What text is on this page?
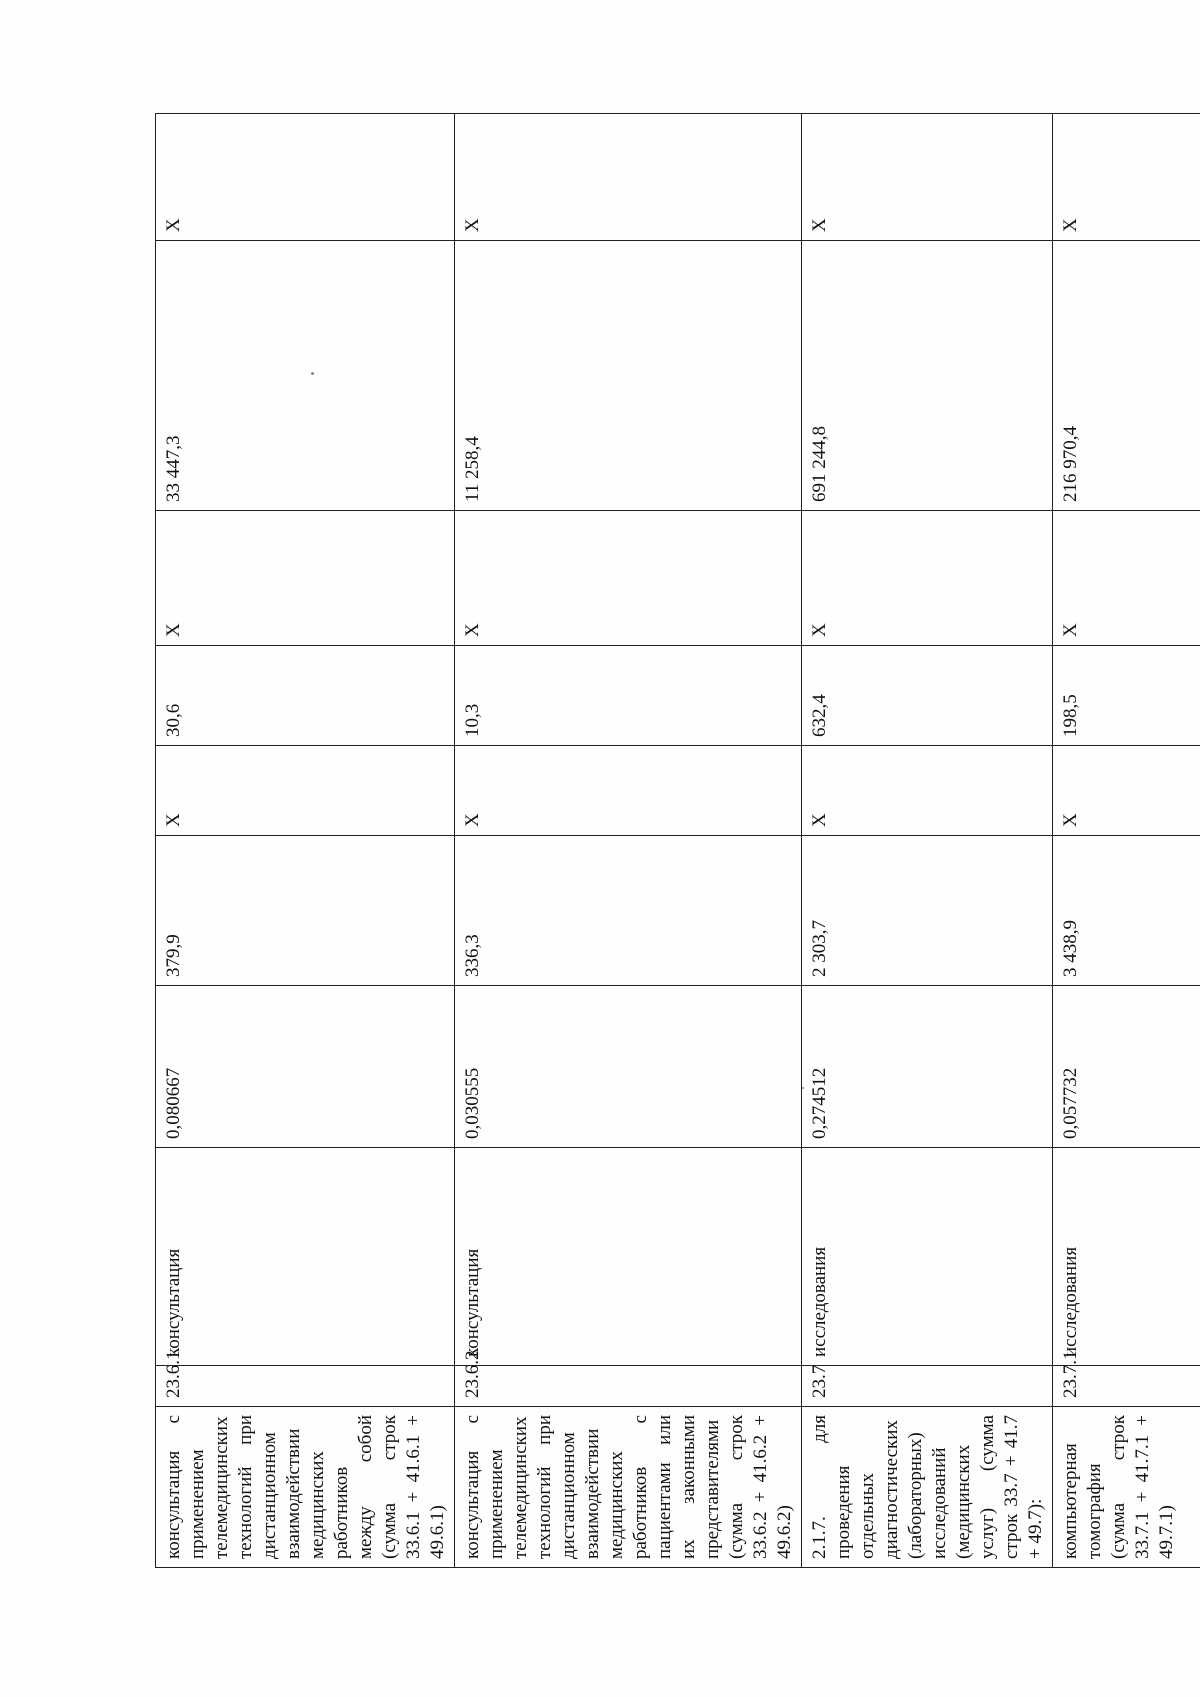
консультация с применением телемедицинских технологий при дистанционном взаимодействии медицинских работников между собой (сумма строк 33.6.1 + 41.6.1 + 49.6.1)	23.6.1	консультация	0,080667	379,9	X	30,6	X	33 447,3	X
консультация с применением телемедицинских технологий при дистанционном взаимодействии медицинских работников с пациентами или их законными представителями (сумма строк 33.6.2 + 41.6.2 + 49.6.2)	23.6.2	консультация	0,030555	336,3	X	10,3	X	11 258,4	X
2.1.7. для проведения отдельных диагностических (лабораторных) исследований (медицинских услуг) (сумма строк 33.7 + 41.7 + 49.7):	23.7	исследования	0,274512	2 303,7	X	632,4	X	691 244,8	X
компьютерная томография (сумма строк 33.7.1 + 41.7.1 + 49.7.1)	23.7.1	исследования	0,057732	3 438,9	X	198,5	X	216 970,4	X
